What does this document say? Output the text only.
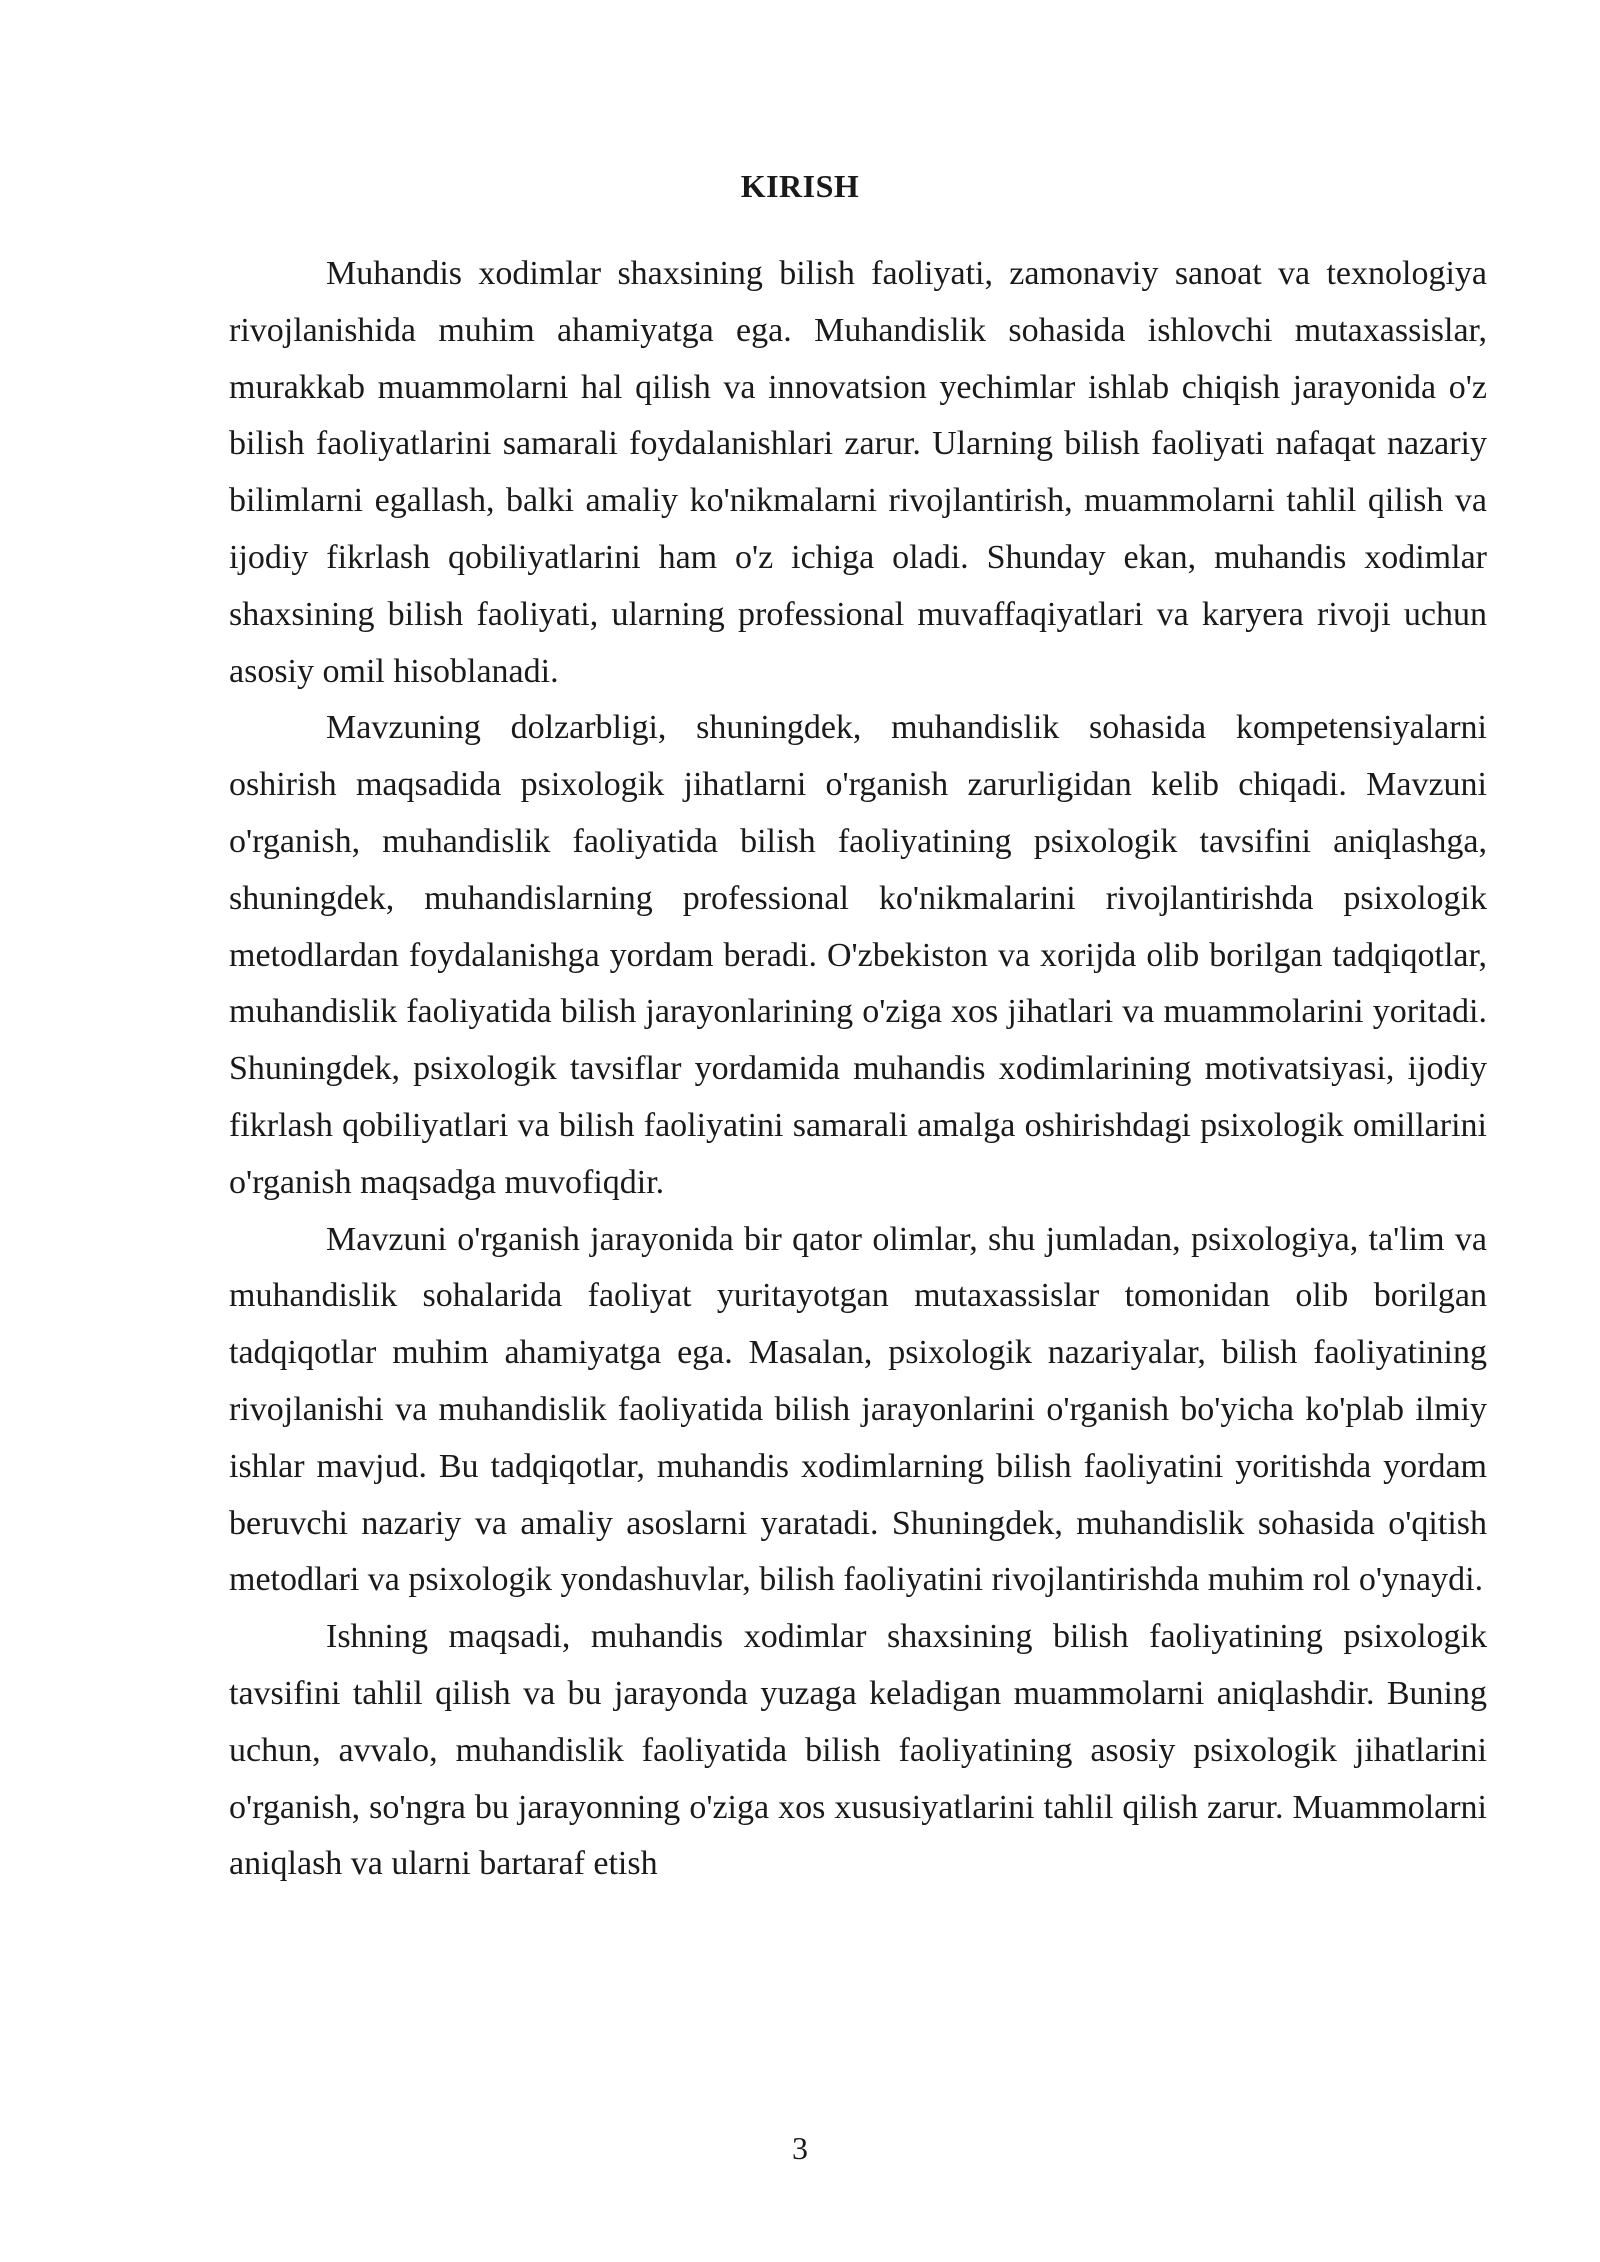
KIRISH

Muhandis xodimlar shaxsining bilish faoliyati, zamonaviy sanoat va texnologiya rivojlanishida muhim ahamiyatga ega. Muhandislik sohasida ishlovchi mutaxassislar, murakkab muammolarni hal qilish va innovatsion yechimlar ishlab chiqish jarayonida o'z bilish faoliyatlarini samarali foydalanishlari zarur. Ularning bilish faoliyati nafaqat nazariy bilimlarni egallash, balki amaliy ko'nikmalarni rivojlantirish, muammolarni tahlil qilish va ijodiy fikrlash qobiliyatlarini ham o'z ichiga oladi. Shunday ekan, muhandis xodimlar shaxsining bilish faoliyati, ularning professional muvaffaqiyatlari va karyera rivoji uchun asosiy omil hisoblanadi.

Mavzuning dolzarbligi, shuningdek, muhandislik sohasida kompetensiyalarni oshirish maqsadida psixologik jihatlarni o'rganish zarurligidan kelib chiqadi. Mavzuni o'rganish, muhandislik faoliyatida bilish faoliyatining psixologik tavsifini aniqlashga, shuningdek, muhandislarning professional ko'nikmalarini rivojlantirishda psixologik metodlardan foydalanishga yordam beradi. O'zbekiston va xorijda olib borilgan tadqiqotlar, muhandislik faoliyatida bilish jarayonlarining o'ziga xos jihatlari va muammolarini yoritadi. Shuningdek, psixologik tavsiflar yordamida muhandis xodimlarining motivatsiyasi, ijodiy fikrlash qobiliyatlari va bilish faoliyatini samarali amalga oshirishdagi psixologik omillarini o'rganish maqsadga muvofiqdir.

Mavzuni o'rganish jarayonida bir qator olimlar, shu jumladan, psixologiya, ta'lim va muhandislik sohalarida faoliyat yuritayotgan mutaxassislar tomonidan olib borilgan tadqiqotlar muhim ahamiyatga ega. Masalan, psixologik nazariyalar, bilish faoliyatining rivojlanishi va muhandislik faoliyatida bilish jarayonlarini o'rganish bo'yicha ko'plab ilmiy ishlar mavjud. Bu tadqiqotlar, muhandis xodimlarning bilish faoliyatini yoritishda yordam beruvchi nazariy va amaliy asoslarni yaratadi. Shuningdek, muhandislik sohasida o'qitish metodlari va psixologik yondashuvlar, bilish faoliyatini rivojlantirishda muhim rol o'ynaydi.

Ishning maqsadi, muhandis xodimlar shaxsining bilish faoliyatining psixologik tavsifini tahlil qilish va bu jarayonda yuzaga keladigan muammolarni aniqlashdir. Buning uchun, avvalo, muhandislik faoliyatida bilish faoliyatining asosiy psixologik jihatlarini o'rganish, so'ngra bu jarayonning o'ziga xos xususiyatlarini tahlil qilish zarur. Muammolarni aniqlash va ularni bartaraf etish

3
